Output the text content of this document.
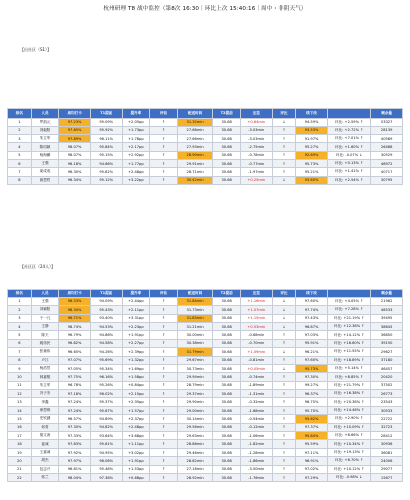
杭州研理 T8 战中监控（第8次 16:30｜环比上次 15:40:16｜周中・非阴天气）
【出社区（S1）】
排名	人员	周均打卡	T1提前	提升率	评估	配送时间	T2提前	压差	评比	线下改		剩余量
1	罗凯元	97.23%	95.09%	+2.05pp	↑	31.32min	30.68	+0.64min	↓	94.59%	环比: +2.59% ↑	53327
2	刘毅阳	97.65%	95.92%	+1.73pp	↑	27.66min	30.68	-3.03min	↑	93.53%	环比: +2.72% ↑	28139
3	朱立军	97.89%	96.11%	+1.78pp	↑	27.66min	30.68	-3.03min	↑	91.97%	环比: +7.01% ↑	40589
4	陈同颖	98.07%	95.84%	+2.17pp	↑	27.93min	30.68	-2.75min	↑	95.27%	环比: +1.60% ↑	26488
5	杨海鹏	98.07%	95.15%	+2.92pp	↑	28.90min	30.68	-0.78min	↑	92.69%	环比: -0.07% ↓	30529
6	王强	96.18%	94.66%	+1.77pp	↑	29.91min	30.68	-0.77min	↑	95.73%	环比: +0.13% ↑	46972
7	姜成成	96.30%	95.82%	+2.48pp	↑	28.71min	30.68	-1.97min	↑	95.21%	环比: +1.41% ↑	40717
8	唐思哲	96.34%	95.12%	+3.22pp	↑	30.42min	30.68	+0.25min	↓	93.60%	环比: +2.54% ↑	30795
【社区区（24人）】
排名	人员	周均打卡	T1提前	提升率	评估	配送时间	T2提前	压差	评比	线下改		剩余量
1	王强	98.53%	94.09%	+2.44pp	↑	31.84min	30.68	+1.16min	↓	97.60%	环比: +4.05% ↑	21962
2	刘颖阳	98.34%	95.43%	+2.11pp	↑	31.73min	30.68	+1.07min	↓	97.74%	环比: +7.28% ↑	46533
3	于一凡	96.71%	93.40%	+3.31pp	↑	31.83min	30.68	+1.15min	↓	97.43%	环比: +21.19% ↑	39495
4	王静	98.74%	94.53%	+2.23pp	↑	31.21min	30.68	+0.53min	↓	96.87%	环比: +12.38% ↑	38645
5	陈天	96.79%	94.86%	+1.91pp	↑	30.00min	30.68	-0.68min	↑	97.03%	环比: +14.12% ↑	36850
6	姚伟民	96.82%	94.58%	+2.27pp	↑	30.38min	30.68	-0.70min	↑	95.91%	环比: +16.60% ↑	39150
7	张童伟	96.65%	94.26%	+2.39pp	↑	31.79min	30.68	+1.09min	↓	96.21%	环比: +11.55% ↑	29627
8	卢江	97.07%	95.69%	+1.32pp	↑	29.67min	30.68	-0.81min	↑	97.60%	环比: +18.89% ↑	37180
9	杨浩然	97.05%	95.34%	+1.69pp	↑	30.73min	30.68	+0.05min	↓	95.73%	环比: +5.14% ↑	46457
10	林嘉骏	97.75%	96.16%	+1.58pp	↑	29.94min	30.68	-0.74min	↑	97.30%	环比: +8.85% ↑	20420
11	朱立军	96.78%	95.26%	+0.84pp	↑	28.79min	30.68	-1.89min	↑	99.27%	环比: +21.79% ↑	37502
12	冯子安	97.18%	96.02%	+2.15pp	↑	29.37min	30.68	-1.31min	↑	96.37%	环比: +16.38% ↑	26773
13	李鑫	97.24%	95.37%	+2.35pp	↑	29.90min	30.68	-0.32min	↑	96.75%	环比: +20.38% ↑	23543
14	徐思琪	97.24%	95.67%	+1.57pp	↑	29.00min	30.68	-1.68min	↑	95.70%	环比: +14.46% ↑	30533
15	史钦涵	96.57%	94.89%	+2.37pp	↑	30.14min	30.68	-0.54min	↑	95.62%	环比: +2.90% ↑	22722
16	何青	97.30%	94.82%	+2.48pp	↑	29.56min	30.68	-0.12min	↑	97.37%	环比: +10.09% ↑	32723
17	胡文涛	97.33%	93.64%	+3.68pp	↑	29.63min	30.68	-1.06min	↑	95.64%	环比: +8.66% ↑	28412
18	崔诚	97.83%	95.61%	+1.11pp	↑	28.86min	30.68	-1.82min	↑	95.59%	环比: +10.34% ↑	30936
19	王嘉诚	97.92%	94.95%	+3.02pp	↑	29.46min	30.68	-1.28min	↑	97.11%	环比: +19.13% ↑	36081
20	胡杰	97.97%	96.06%	+1.91pp	↑	28.82min	30.68	-1.86min	↑	96.91%	环比: +6.70% ↑	24006
21	包志兴	96.81%	95.48%	+1.53pp	↑	27.18min	30.68	-3.50min	↑	97.02%	环比: +10.12% ↑	29077
22	郭兰	98.04%	97.36%	+0.68pp	↑	28.92min	30.68	-1.76min	↑	97.29%	环比: -0.98% ↓	15677
